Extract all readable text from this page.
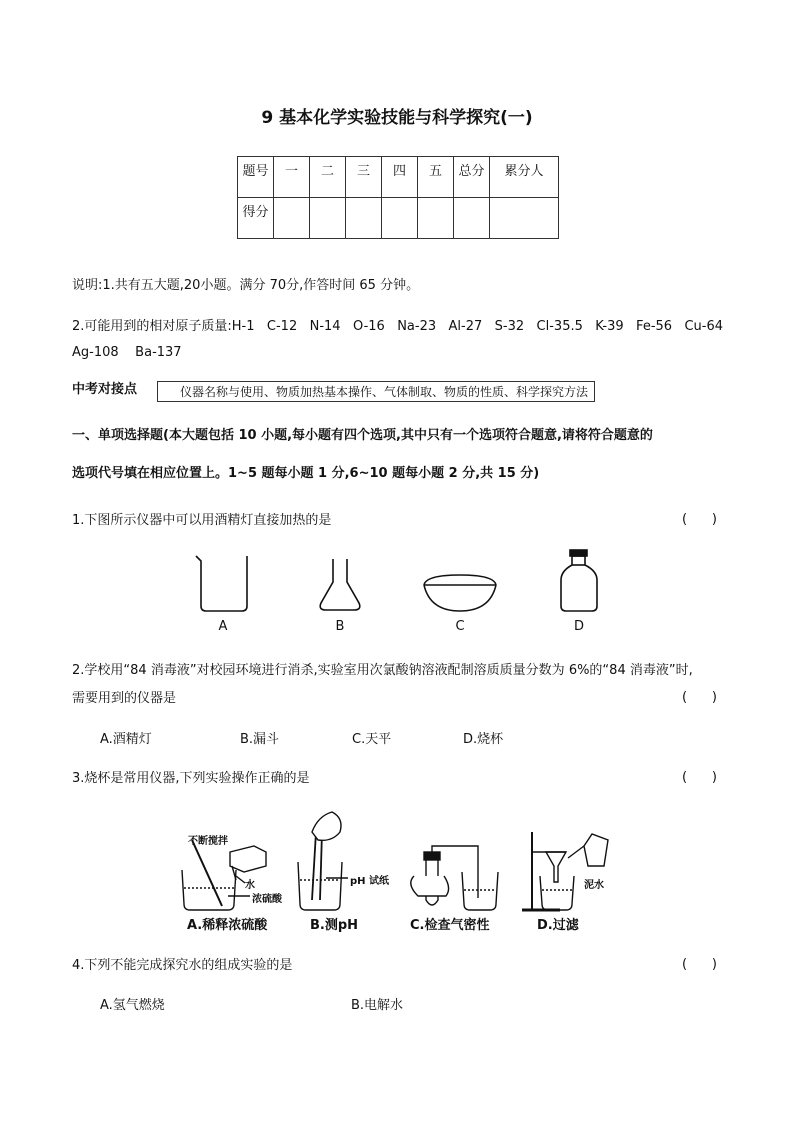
9 基本化学实验技能与科学探究(一)
题号	一	二	三	四	五	总分	累分人

得分							

说明:1.共有五大题,20小题。满分 70分,作答时间 65 分钟。
2.可能用到的相对原子质量:H-1   C-12   N-14   O-16   Na-23   Al-27   S-32   Cl-35.5   K-39   Fe-56   Cu-64
Ag-108    Ba-137
中考对接点	仪器名称与使用、物质加热基本操作、气体制取、物质的性质、科学探究方法
一、单项选择题(本大题包括 10 小题,每小题有四个选项,其中只有一个选项符合题意,请将符合题意的
选项代号填在相应位置上。1~5 题每小题 1 分,6~10 题每小题 2 分,共 15 分)
1.下图所示仪器中可以用酒精灯直接加热的是	(      )
A	B	C	D
2.学校用“84 消毒液”对校园环境进行消杀,实验室用次氯酸钠溶液配制溶质质量分数为 6%的“84 消毒液”时,
需要用到的仪器是	(      )
A.酒精灯	B.漏斗	C.天平	D.烧杯
3.烧杯是常用仪器,下列实验操作正确的是	(      )
不断搅拌
水
浓硫酸
pH 试纸	泥水
A.稀释浓硫酸	B.测pH	C.检查气密性	D.过滤
4.下列不能完成探究水的组成实验的是	(      )
A.氢气燃烧	B.电解水
